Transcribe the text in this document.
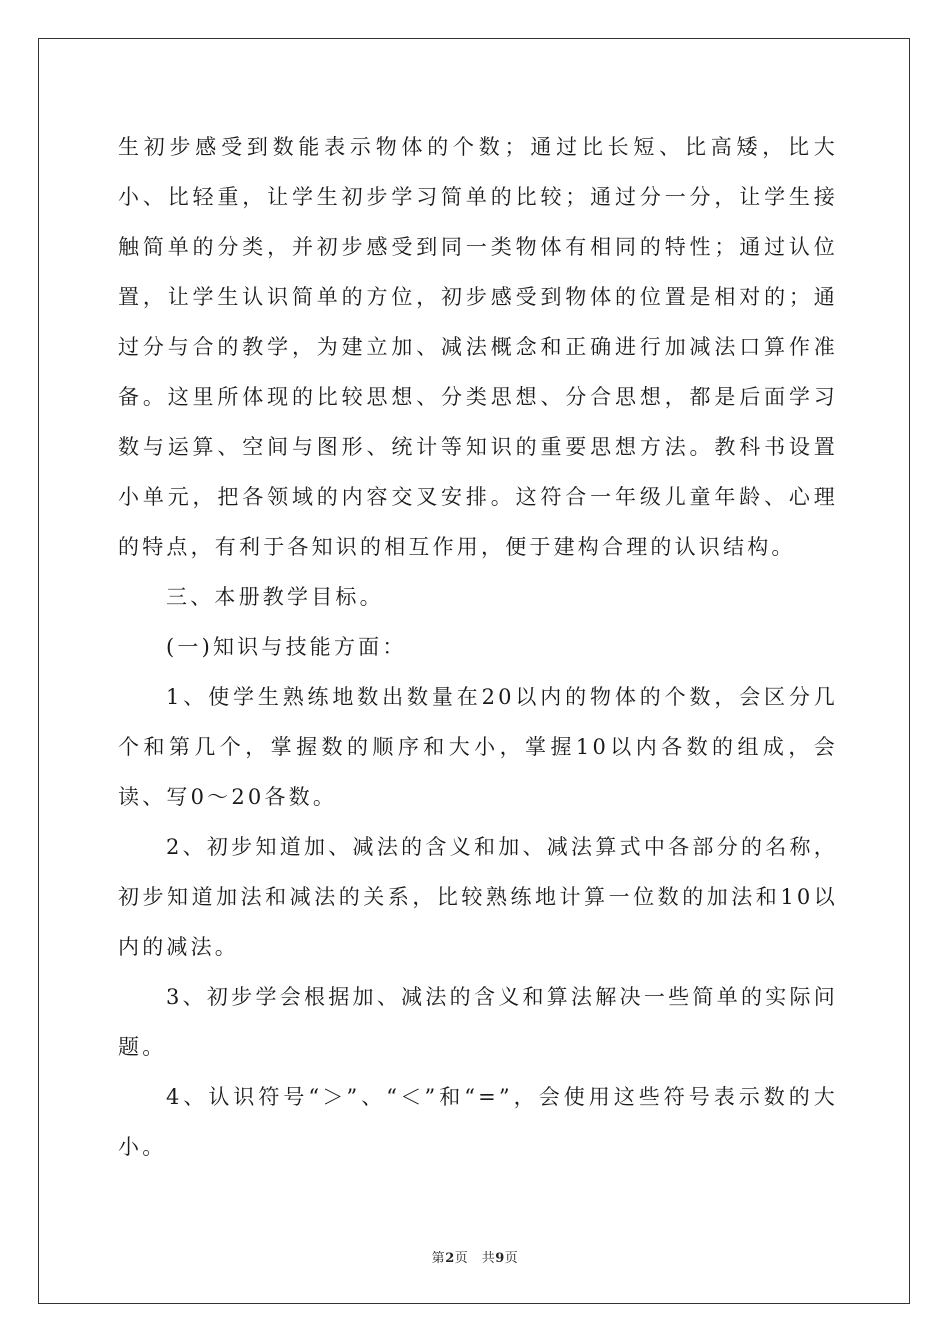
生初步感受到数能表示物体的个数；通过比长短、比高矮，比大小、比轻重，让学生初步学习简单的比较；通过分一分，让学生接触简单的分类，并初步感受到同一类物体有相同的特性；通过认位置，让学生认识简单的方位，初步感受到物体的位置是相对的；通过分与合的教学，为建立加、减法概念和正确进行加减法口算作准备。这里所体现的比较思想、分类思想、分合思想，都是后面学习数与运算、空间与图形、统计等知识的重要思想方法。教科书设置小单元，把各领域的内容交叉安排。这符合一年级儿童年龄、心理的特点，有利于各知识的相互作用，便于建构合理的认识结构。

三、本册教学目标。

(一)知识与技能方面：

1、使学生熟练地数出数量在20以内的物体的个数，会区分几个和第几个，掌握数的顺序和大小，掌握10以内各数的组成，会读、写0～20各数。

2、初步知道加、减法的含义和加、减法算式中各部分的名称，初步知道加法和减法的关系，比较熟练地计算一位数的加法和10以内的减法。

3、初步学会根据加、减法的含义和算法解决一些简单的实际问题。

4、认识符号“＞”、“＜”和“=”，会使用这些符号表示数的大小。

第2页　共9页
